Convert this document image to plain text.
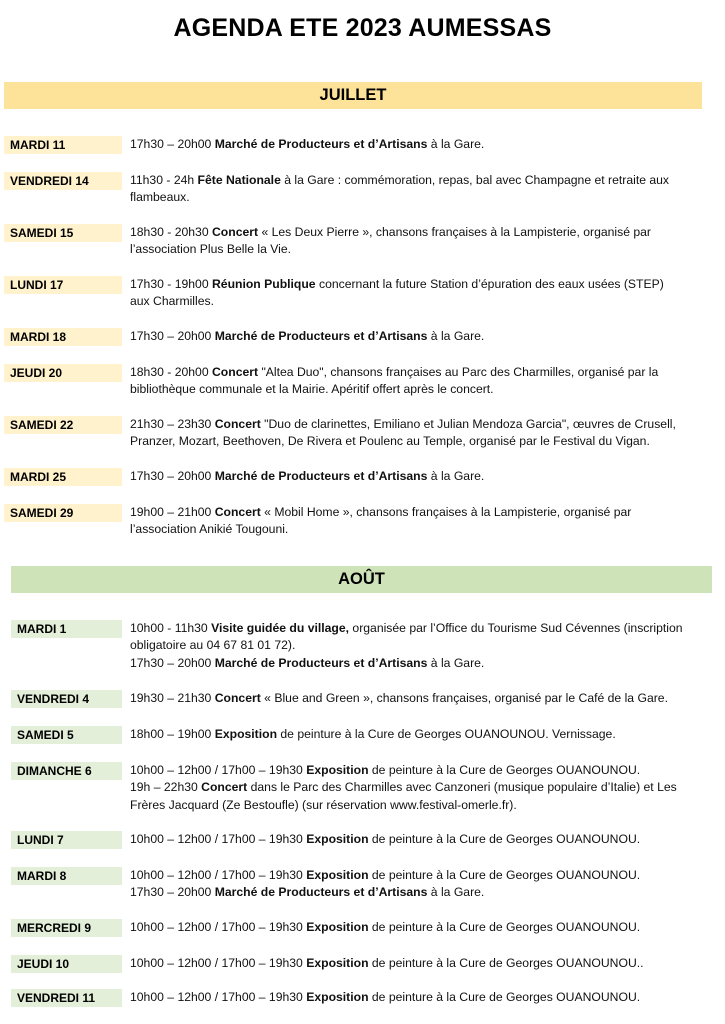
AGENDA ETE 2023 AUMESSAS
JUILLET
AOÛT
MARDI 11	17h30 – 20h00 Marché de Producteurs et d’Artisans à la Gare.
VENDREDI 14	11h30 - 24h Fête Nationale à la Gare : commémoration, repas, bal avec Champagne et retraite aux
flambeaux.
SAMEDI 15	18h30 - 20h30 Concert « Les Deux Pierre », chansons françaises à la Lampisterie, organisé par
l’association Plus Belle la Vie.
LUNDI 17	17h30 - 19h00 Réunion Publique concernant la future Station d’épuration des eaux usées (STEP)
aux Charmilles.
MARDI 18	17h30 – 20h00 Marché de Producteurs et d’Artisans à la Gare.
JEUDI 20	18h30 - 20h00 Concert "Altea Duo", chansons françaises au Parc des Charmilles, organisé par la
bibliothèque communale et la Mairie. Apéritif offert après le concert.
SAMEDI 22	21h30 – 23h30 Concert "Duo de clarinettes, Emiliano et Julian Mendoza Garcia", œuvres de Crusell,
Pranzer, Mozart, Beethoven, De Rivera et Poulenc au Temple, organisé par le Festival du Vigan.
MARDI 25	17h30 – 20h00 Marché de Producteurs et d’Artisans à la Gare.
SAMEDI 29	19h00 – 21h00 Concert « Mobil Home », chansons françaises à la Lampisterie, organisé par
l’association Anikié Tougouni.
MARDI 1	10h00 - 11h30 Visite guidée du village, organisée par l’Office du Tourisme Sud Cévennes (inscription
obligatoire au 04 67 81 01 72).
17h30 – 20h00 Marché de Producteurs et d’Artisans à la Gare.
VENDREDI 4	19h30 – 21h30 Concert « Blue and Green », chansons françaises, organisé par le Café de la Gare.
SAMEDI 5	18h00 – 19h00 Exposition de peinture à la Cure de Georges OUANOUNOU. Vernissage.
DIMANCHE 6	10h00 – 12h00 / 17h00 – 19h30 Exposition de peinture à la Cure de Georges OUANOUNOU.
19h – 22h30 Concert dans le Parc des Charmilles avec Canzoneri (musique populaire d’Italie) et Les
Frères Jacquard (Ze Bestoufle) (sur réservation www.festival-omerle.fr).
LUNDI 7	10h00 – 12h00 / 17h00 – 19h30 Exposition de peinture à la Cure de Georges OUANOUNOU.
MARDI 8	10h00 – 12h00 / 17h00 – 19h30 Exposition de peinture à la Cure de Georges OUANOUNOU.
17h30 – 20h00 Marché de Producteurs et d’Artisans à la Gare.
MERCREDI 9	10h00 – 12h00 / 17h00 – 19h30 Exposition de peinture à la Cure de Georges OUANOUNOU.
JEUDI 10	10h00 – 12h00 / 17h00 – 19h30 Exposition de peinture à la Cure de Georges OUANOUNOU..
VENDREDI 11	10h00 – 12h00 / 17h00 – 19h30 Exposition de peinture à la Cure de Georges OUANOUNOU.
